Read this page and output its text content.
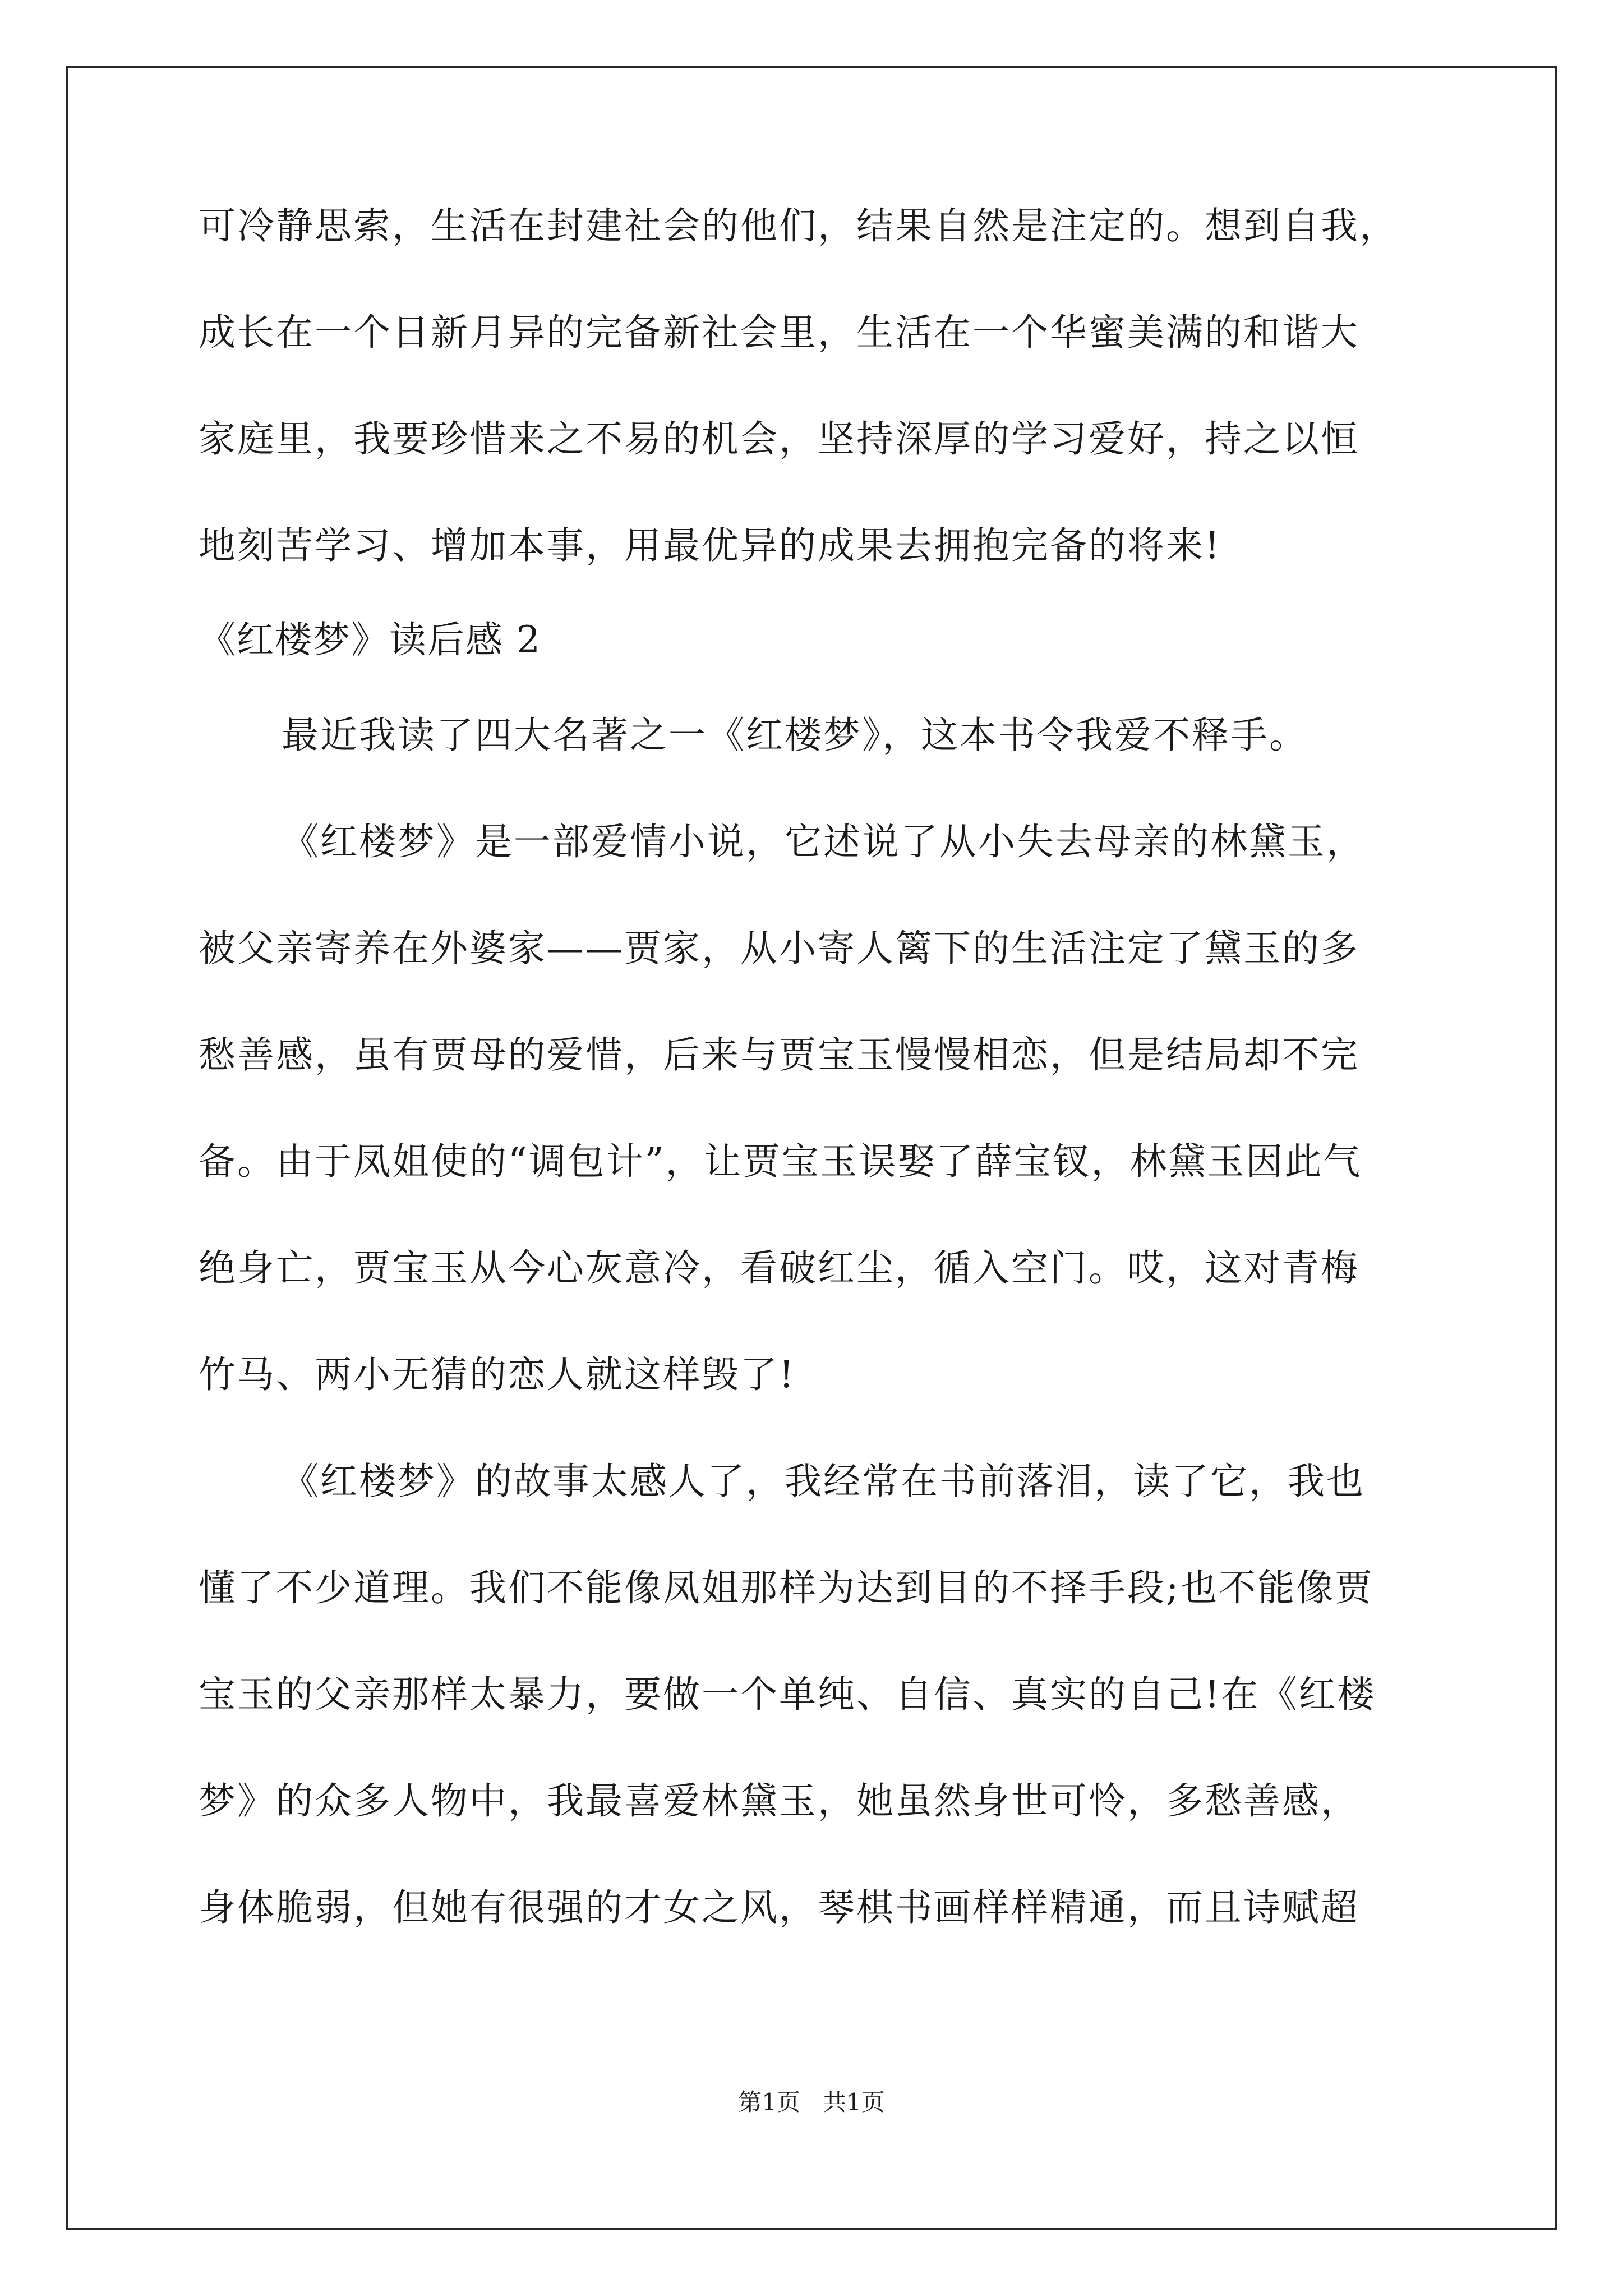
可冷静思索，生活在封建社会的他们，结果自然是注定的。想到自我，
成长在一个日新月异的完备新社会里，生活在一个华蜜美满的和谐大
家庭里，我要珍惜来之不易的机会，坚持深厚的学习爱好，持之以恒
地刻苦学习、增加本事，用最优异的成果去拥抱完备的将来!
《红楼梦》读后感 2
最近我读了四大名著之一《红楼梦》，这本书令我爱不释手。
《红楼梦》是一部爱情小说，它述说了从小失去母亲的林黛玉，
被父亲寄养在外婆家——贾家，从小寄人篱下的生活注定了黛玉的多
愁善感，虽有贾母的爱惜，后来与贾宝玉慢慢相恋，但是结局却不完
备。由于凤姐使的“调包计”，让贾宝玉误娶了薛宝钗，林黛玉因此气
绝身亡，贾宝玉从今心灰意冷，看破红尘，循入空门。哎，这对青梅
竹马、两小无猜的恋人就这样毁了!
《红楼梦》的故事太感人了，我经常在书前落泪，读了它，我也
懂了不少道理。我们不能像凤姐那样为达到目的不择手段;也不能像贾
宝玉的父亲那样太暴力，要做一个单纯、自信、真实的自己!在《红楼
梦》的众多人物中，我最喜爱林黛玉，她虽然身世可怜，多愁善感，
身体脆弱，但她有很强的才女之风，琴棋书画样样精通，而且诗赋超
第1页   共1页
